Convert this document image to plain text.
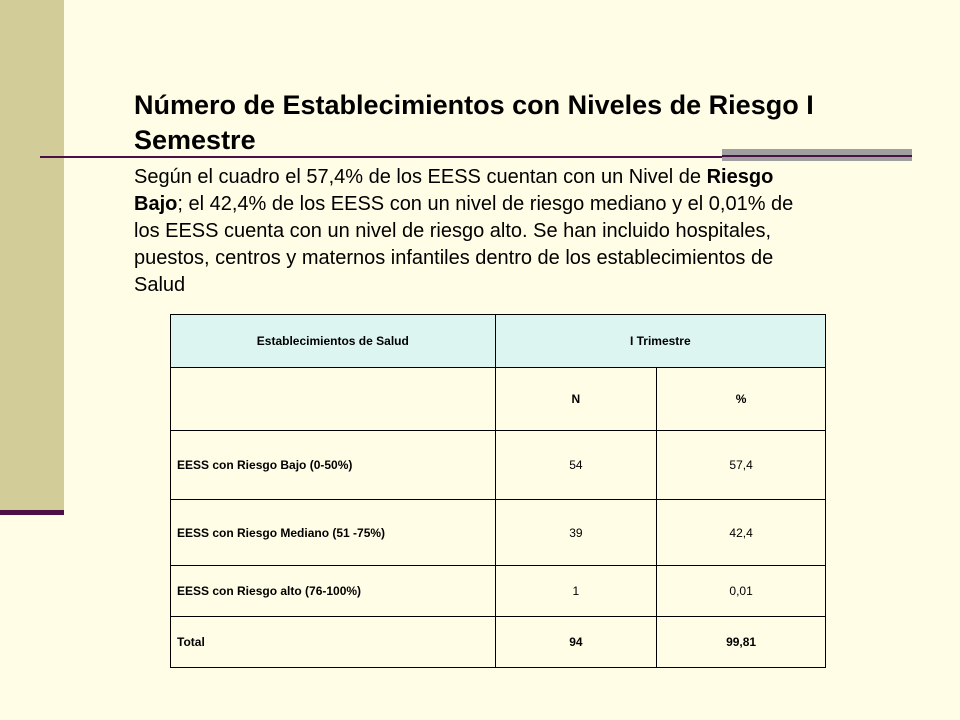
Número de Establecimientos con Niveles de Riesgo I Semestre

Según el cuadro el 57,4% de los EESS cuentan con un Nivel de Riesgo Bajo; el 42,4% de los EESS con un nivel de riesgo mediano y el 0,01% de los EESS cuenta con un nivel de riesgo alto. Se han incluido hospitales, puestos, centros y maternos infantiles dentro de los establecimientos de Salud

Establecimientos de Salud	I Trimestre	
	N	%
EESS con Riesgo Bajo (0-50%)	54	57,4
EESS con Riesgo Mediano (51 -75%)	39	42,4
EESS con Riesgo alto (76-100%)	1	0,01
Total	94	99,81
